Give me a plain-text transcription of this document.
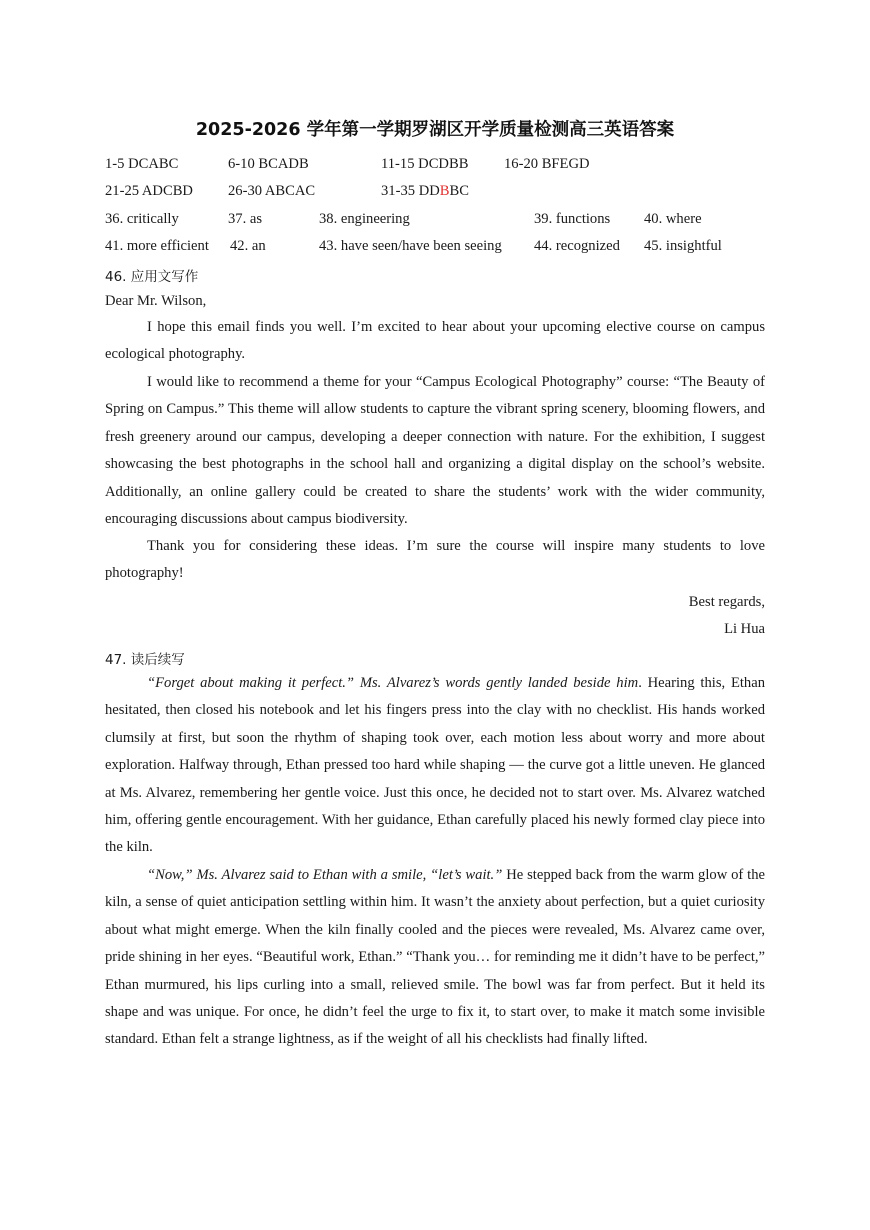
2025-2026 学年第一学期罗湖区开学质量检测高三英语答案
1-5 DCABC	6-10 BCADB	11-15 DCDBB 16-20 BFEGD
21-25 ADCBD 26-30 ABCAC	31-35 DDBBC
36. critically	37. as	38. engineering	39. functions 40. where
41. more efficient 42. an	43. have seen/have been seeing 44. recognized 45. insightful
46. 应用文写作
Dear Mr. Wilson,

I hope this email finds you well. I’m excited to hear about your upcoming elective course on campus ecological photography.

I would like to recommend a theme for your “Campus Ecological Photography” course: “The Beauty of Spring on Campus.” This theme will allow students to capture the vibrant spring scenery, blooming flowers, and fresh greenery around our campus, developing a deeper connection with nature. For the exhibition, I suggest showcasing the best photographs in the school hall and organizing a digital display on the school’s website. Additionally, an online gallery could be created to share the students’ work with the wider community, encouraging discussions about campus biodiversity.

Thank you for considering these ideas. I’m sure the course will inspire many students to love photography!

Best regards,
Li Hua
47. 读后续写

“Forget about making it perfect.” Ms. Alvarez’s words gently landed beside him. Hearing this, Ethan hesitated, then closed his notebook and let his fingers press into the clay with no checklist. His hands worked clumsily at first, but soon the rhythm of shaping took over, each motion less about worry and more about exploration. Halfway through, Ethan pressed too hard while shaping — the curve got a little uneven. He glanced at Ms. Alvarez, remembering her gentle voice. Just this once, he decided not to start over. Ms. Alvarez watched him, offering gentle encouragement. With her guidance, Ethan carefully placed his newly formed clay piece into the kiln.

“Now,” Ms. Alvarez said to Ethan with a smile, “let’s wait.” He stepped back from the warm glow of the kiln, a sense of quiet anticipation settling within him. It wasn’t the anxiety about perfection, but a quiet curiosity about what might emerge. When the kiln finally cooled and the pieces were revealed, Ms. Alvarez came over, pride shining in her eyes. “Beautiful work, Ethan.” “Thank you… for reminding me it didn’t have to be perfect,” Ethan murmured, his lips curling into a small, relieved smile. The bowl was far from perfect. But it held its shape and was unique. For once, he didn’t feel the urge to fix it, to start over, to make it match some invisible standard. Ethan felt a strange lightness, as if the weight of all his checklists had finally lifted.
